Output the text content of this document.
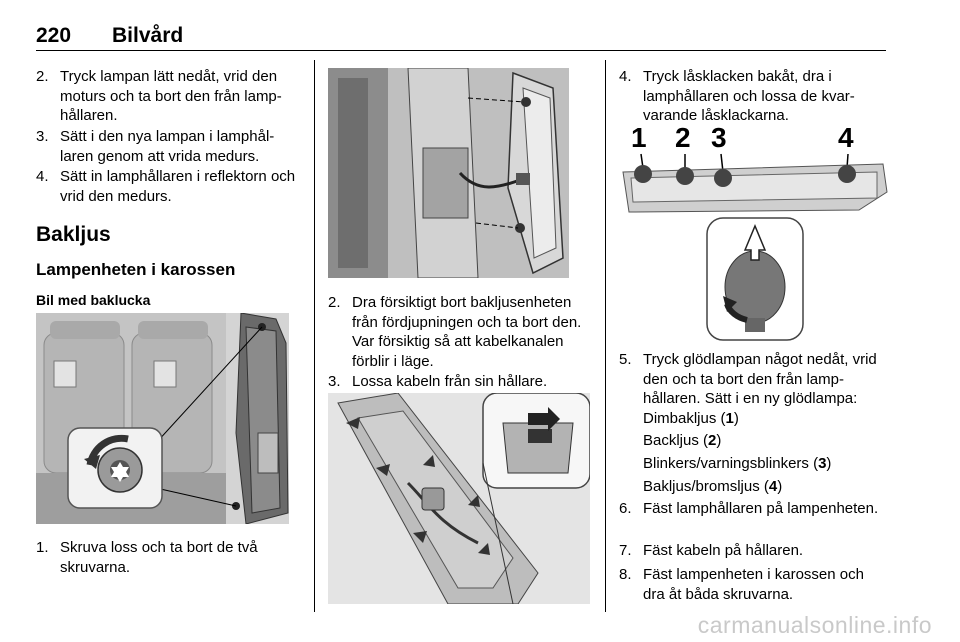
220 Bilvård
2. Tryck lampan lätt nedåt, vrid den moturs och ta bort den från lamphållaren.
3. Sätt i den nya lampan i lamphållaren genom att vrida medurs.
4. Sätt in lamphållaren i reflektorn och vrid den medurs.
Bakljus
Lampenheten i karossen
Bil med baklucka
1. Skruva loss och ta bort de två skruvarna.
2. Dra försiktigt bort bakljusenheten från fördjupningen och ta bort den. Var försiktig så att kabelkanalen förblir i läge.
3. Lossa kabeln från sin hållare.
4. Tryck låsklacken bakåt, dra i lamphållaren och lossa de kvarvarande låsklackarna.
1 2 3	4
5. Tryck glödlampan något nedåt, vrid den och ta bort den från lamphållaren. Sätt i en ny glödlampa:
Dimbakljus (1)
Backljus (2)
Blinkers/varningsblinkers (3)
Bakljus/bromsljus (4)
6. Fäst lamphållaren på lampenheten.
7. Fäst kabeln på hållaren.
8. Fäst lampenheten i karossen och dra åt båda skruvarna.
carmanualsonline.info
